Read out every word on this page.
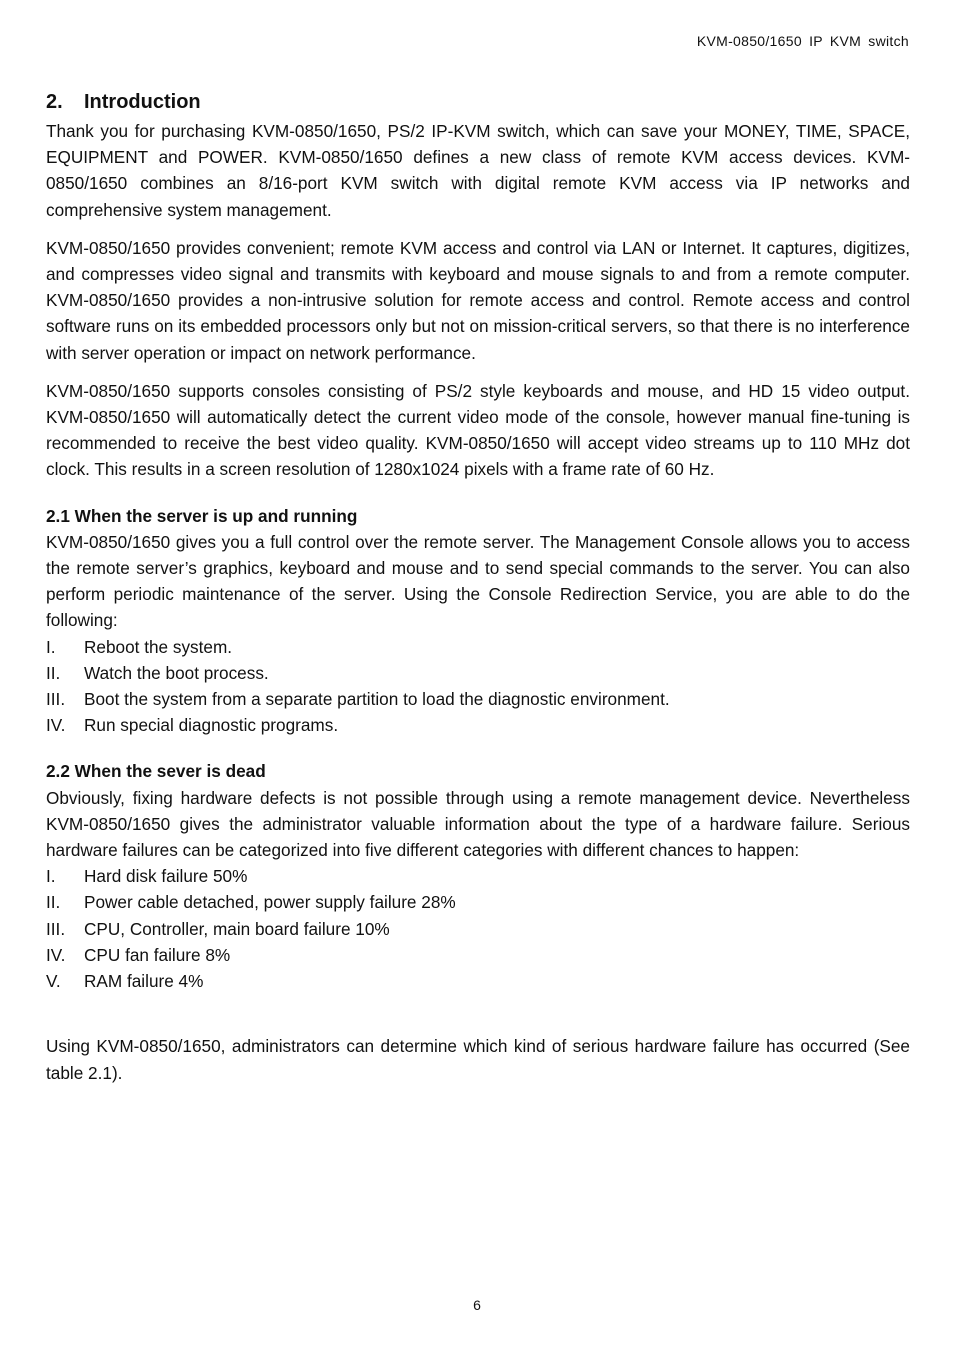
KVM-0850/1650 IP KVM switch
2. Introduction

Thank you for purchasing KVM-0850/1650, PS/2 IP-KVM switch, which can save your MONEY, TIME, SPACE, EQUIPMENT and POWER. KVM-0850/1650 defines a new class of remote KVM access devices. KVM-0850/1650 combines an 8/16-port KVM switch with digital remote KVM access via IP networks and comprehensive system management.

KVM-0850/1650 provides convenient; remote KVM access and control via LAN or Internet. It captures, digitizes, and compresses video signal and transmits with keyboard and mouse signals to and from a remote computer. KVM-0850/1650 provides a non-intrusive solution for remote access and control. Remote access and control software runs on its embedded processors only but not on mission-critical servers, so that there is no interference with server operation or impact on network performance.

KVM-0850/1650 supports consoles consisting of PS/2 style keyboards and mouse, and HD 15 video output. KVM-0850/1650 will automatically detect the current video mode of the console, however manual fine-tuning is recommended to receive the best video quality. KVM-0850/1650 will accept video streams up to 110 MHz dot clock. This results in a screen resolution of 1280x1024 pixels with a frame rate of 60 Hz.

2.1 When the server is up and running

KVM-0850/1650 gives you a full control over the remote server. The Management Console allows you to access the remote server’s graphics, keyboard and mouse and to send special commands to the server. You can also perform periodic maintenance of the server. Using the Console Redirection Service, you are able to do the following:

I.	Reboot the system.
II.	Watch the boot process.
III.	Boot the system from a separate partition to load the diagnostic environment.
IV.	Run special diagnostic programs.
2.2 When the sever is dead

Obviously, fixing hardware defects is not possible through using a remote management device. Nevertheless KVM-0850/1650 gives the administrator valuable information about the type of a hardware failure. Serious hardware failures can be categorized into five different categories with different chances to happen:

I.	Hard disk failure 50%
II.	Power cable detached, power supply failure 28%
III.	CPU, Controller, main board failure 10%
IV.	CPU fan failure 8%
V.	RAM failure 4%

Using KVM-0850/1650, administrators can determine which kind of serious hardware failure has occurred (See table 2.1).

6
